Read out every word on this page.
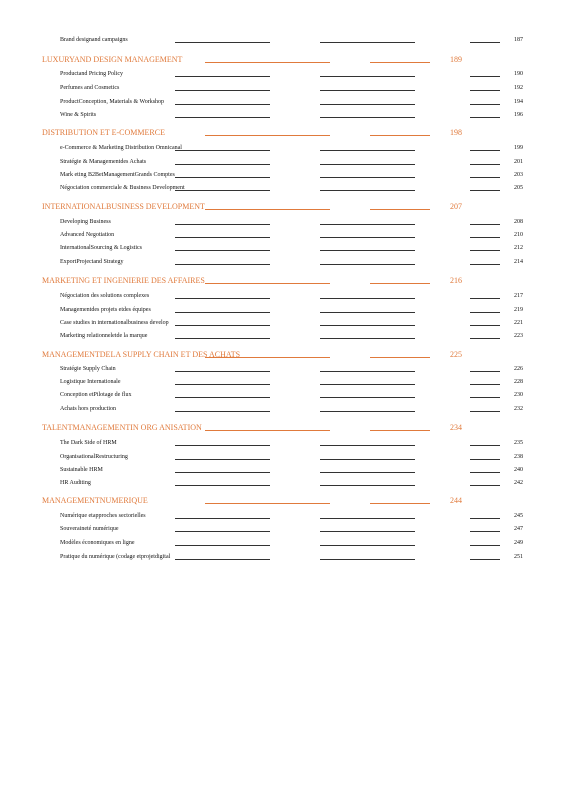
Brand designand campaigns	187
LUXURYAND DESIGN MANAGEMENT	189
Productand Pricing Policy	190
Perfumes and Cosmetics	192
ProductConception, Materials & Workshop	194
Wine & Spirits	196
DISTRIBUTION ET E-COMMERCE	198
e-Commerce & Marketing Distribution Omnicanal	199
Stratégie & Managementdes Achats	201
Mark eting B2BetManagementGrands Comptes	203
Négociation commerciale & Business Development	205
INTERNATIONALBUSINESS DEVELOPMENT	207
Developing Business	208
Advanced Negotiation	210
InternationalSourcing & Logistics	212
ExportProjectand Strategy	214
MARKETING ET INGENIERIE DES AFFAIRES	216
Négociation des solutions complexes	217
Managementdes projets etdes équipes	219
Case studies in internationalbusiness develop	221
Marketing relationneletde la marque	223
MANAGEMENTDELA SUPPLY CHAIN ET DES ACHATS	225
Stratégie Supply Chain	226
Logistique Internationale	228
Conception etPilotage de flux	230
Achats hors production	232
TALENTMANAGEMENTIN ORG ANISATION	234
The Dark Side of HRM	235
OrganisationalRestructuring	238
Sustainable HRM	240
HR Auditing	242
MANAGEMENTNUMERIQUE	244
Numérique etapproches sectorielles	245
Souveraineté numérique	247
Modèles économiques en ligne	249
Pratique du numérique (codage etprojetdigital	251
